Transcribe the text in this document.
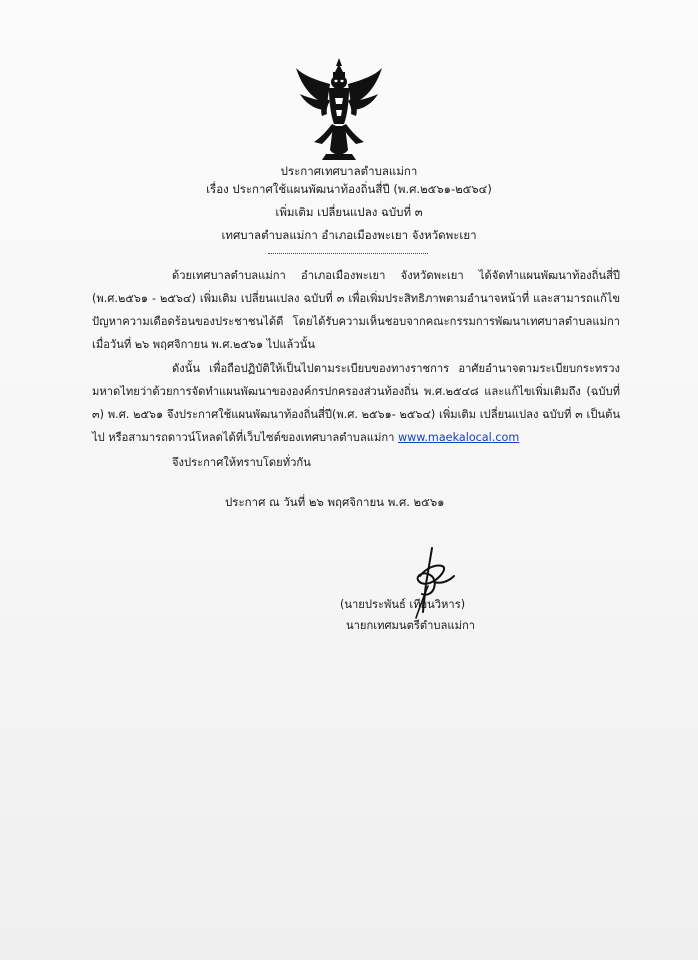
ประกาศเทศบาลตำบลแม่กา
เรื่อง ประกาศใช้แผนพัฒนาท้องถิ่นสี่ปี (พ.ศ.๒๕๖๑-๒๕๖๔)
เพิ่มเติม เปลี่ยนแปลง ฉบับที่ ๓
เทศบาลตำบลแม่กา อำเภอเมืองพะเยา จังหวัดพะเยา
ด้วยเทศบาลตำบลแม่กา อำเภอเมืองพะเยา จังหวัดพะเยา ได้จัดทำแผนพัฒนาท้องถิ่นสี่ปี (พ.ศ.๒๕๖๑ - ๒๕๖๔) เพิ่มเติม เปลี่ยนแปลง ฉบับที่ ๓ เพื่อเพิ่มประสิทธิภาพตามอำนาจหน้าที่ และสามารถแก้ไขปัญหาความเดือดร้อนของประชาชนได้ดี โดยได้รับความเห็นชอบจากคณะกรรมการพัฒนาเทศบาลตำบลแม่กา เมื่อวันที่ ๒๖ พฤศจิกายน พ.ศ.๒๕๖๑ ไปแล้วนั้น
ดังนั้น เพื่อถือปฏิบัติให้เป็นไปตามระเบียบของทางราชการ อาศัยอำนาจตามระเบียบกระทรวงมหาดไทยว่าด้วยการจัดทำแผนพัฒนาขององค์กรปกครองส่วนท้องถิ่น พ.ศ.๒๕๔๘ และแก้ไขเพิ่มเติมถึง (ฉบับที่ ๓) พ.ศ. ๒๕๖๑ จึงประกาศใช้แผนพัฒนาท้องถิ่นสี่ปี(พ.ศ. ๒๕๖๑- ๒๕๖๔) เพิ่มเติม เปลี่ยนแปลง ฉบับที่ ๓ เป็นต้นไป หรือสามารถดาวน์โหลดได้ที่เว็บไซต์ของเทศบาลตำบลแม่กา www.maekalocal.com
จึงประกาศให้ทราบโดยทั่วกัน
ประกาศ ณ วันที่ ๒๖ พฤศจิกายน พ.ศ. ๒๕๖๑
(นายประพันธ์ เทียนวิหาร)
นายกเทศมนตรีตำบลแม่กา
